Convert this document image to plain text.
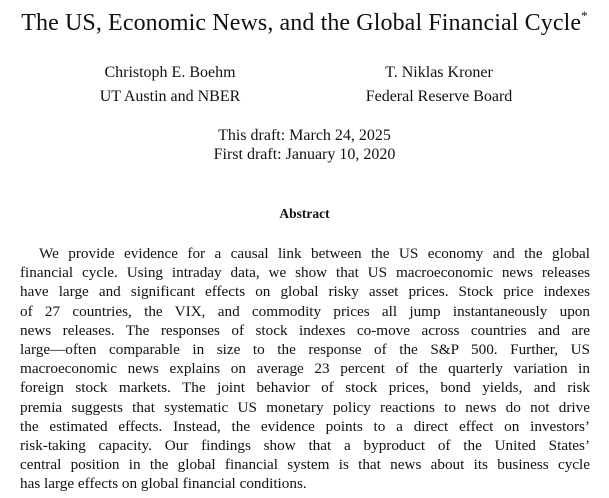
The US, Economic News, and the Global Financial Cycle*
Christoph E. Boehm
UT Austin and NBER
T. Niklas Kroner
Federal Reserve Board
This draft: March 24, 2025
First draft: January 10, 2020
Abstract
We provide evidence for a causal link between the US economy and the global
financial cycle. Using intraday data, we show that US macroeconomic news releases
have large and significant effects on global risky asset prices. Stock price indexes
of 27 countries, the VIX, and commodity prices all jump instantaneously upon
news releases. The responses of stock indexes co-move across countries and are
large—often comparable in size to the response of the S&P 500. Further, US
macroeconomic news explains on average 23 percent of the quarterly variation in
foreign stock markets. The joint behavior of stock prices, bond yields, and risk
premia suggests that systematic US monetary policy reactions to news do not drive
the estimated effects. Instead, the evidence points to a direct effect on investors’
risk-taking capacity. Our findings show that a byproduct of the United States’
central position in the global financial system is that news about its business cycle
has large effects on global financial conditions.
